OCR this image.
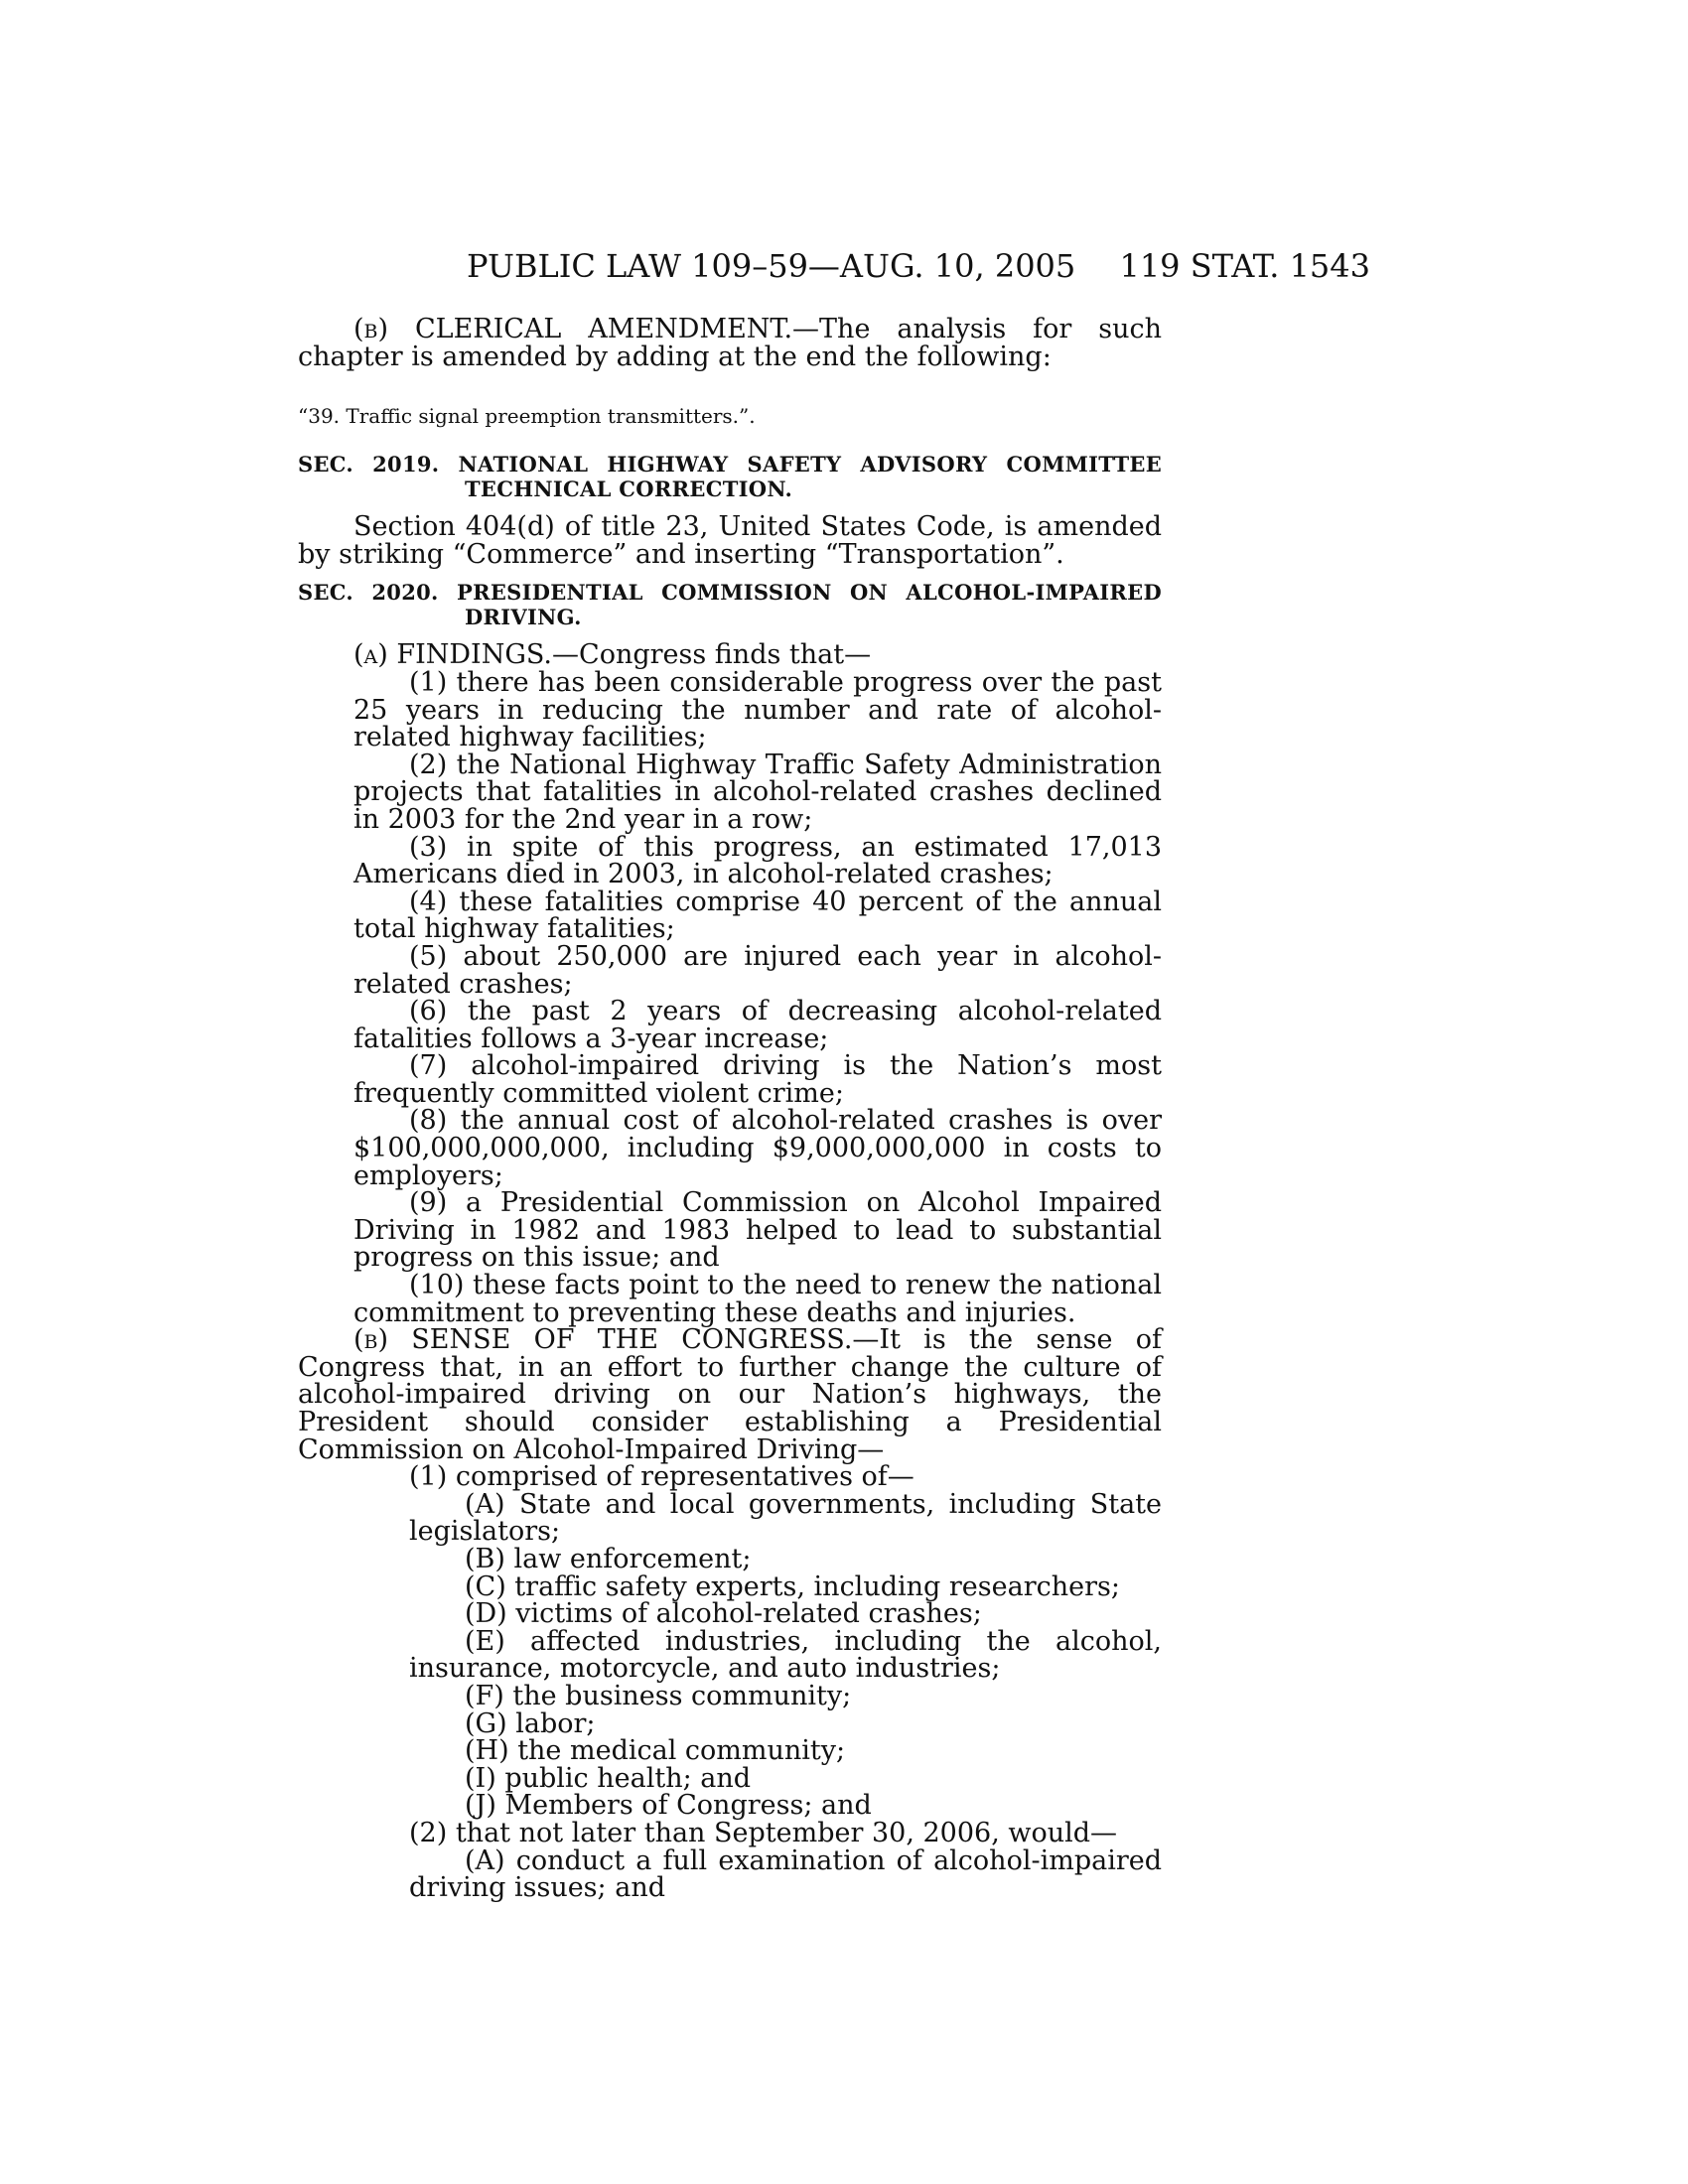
PUBLIC LAW 109–59—AUG. 10, 2005 119 STAT. 1543

(b) CLERICAL AMENDMENT.—The analysis for such chapter is amended by adding at the end the following:

“39. Traffic signal preemption transmitters.”.

SEC. 2019. NATIONAL HIGHWAY SAFETY ADVISORY COMMITTEE TECHNICAL CORRECTION.

Section 404(d) of title 23, United States Code, is amended by striking “Commerce” and inserting “Transportation”.

SEC. 2020. PRESIDENTIAL COMMISSION ON ALCOHOL-IMPAIRED DRIVING.

(a) FINDINGS.—Congress finds that—

(1) there has been considerable progress over the past 25 years in reducing the number and rate of alcohol-related highway facilities;

(2) the National Highway Traffic Safety Administration projects that fatalities in alcohol-related crashes declined in 2003 for the 2nd year in a row;

(3) in spite of this progress, an estimated 17,013 Americans died in 2003, in alcohol-related crashes;

(4) these fatalities comprise 40 percent of the annual total highway fatalities;

(5) about 250,000 are injured each year in alcohol-related crashes;

(6) the past 2 years of decreasing alcohol-related fatalities follows a 3-year increase;

(7) alcohol-impaired driving is the Nation’s most frequently committed violent crime;

(8) the annual cost of alcohol-related crashes is over $100,000,000,000, including $9,000,000,000 in costs to employers;

(9) a Presidential Commission on Alcohol Impaired Driving in 1982 and 1983 helped to lead to substantial progress on this issue; and

(10) these facts point to the need to renew the national commitment to preventing these deaths and injuries.

(b) SENSE OF THE CONGRESS.—It is the sense of Congress that, in an effort to further change the culture of alcohol-impaired driving on our Nation’s highways, the President should consider establishing a Presidential Commission on Alcohol-Impaired Driving—

(1) comprised of representatives of—

(A) State and local governments, including State legislators;

(B) law enforcement;

(C) traffic safety experts, including researchers;

(D) victims of alcohol-related crashes;

(E) affected industries, including the alcohol, insurance, motorcycle, and auto industries;

(F) the business community;

(G) labor;

(H) the medical community;

(I) public health; and

(J) Members of Congress; and

(2) that not later than September 30, 2006, would—

(A) conduct a full examination of alcohol-impaired driving issues; and
